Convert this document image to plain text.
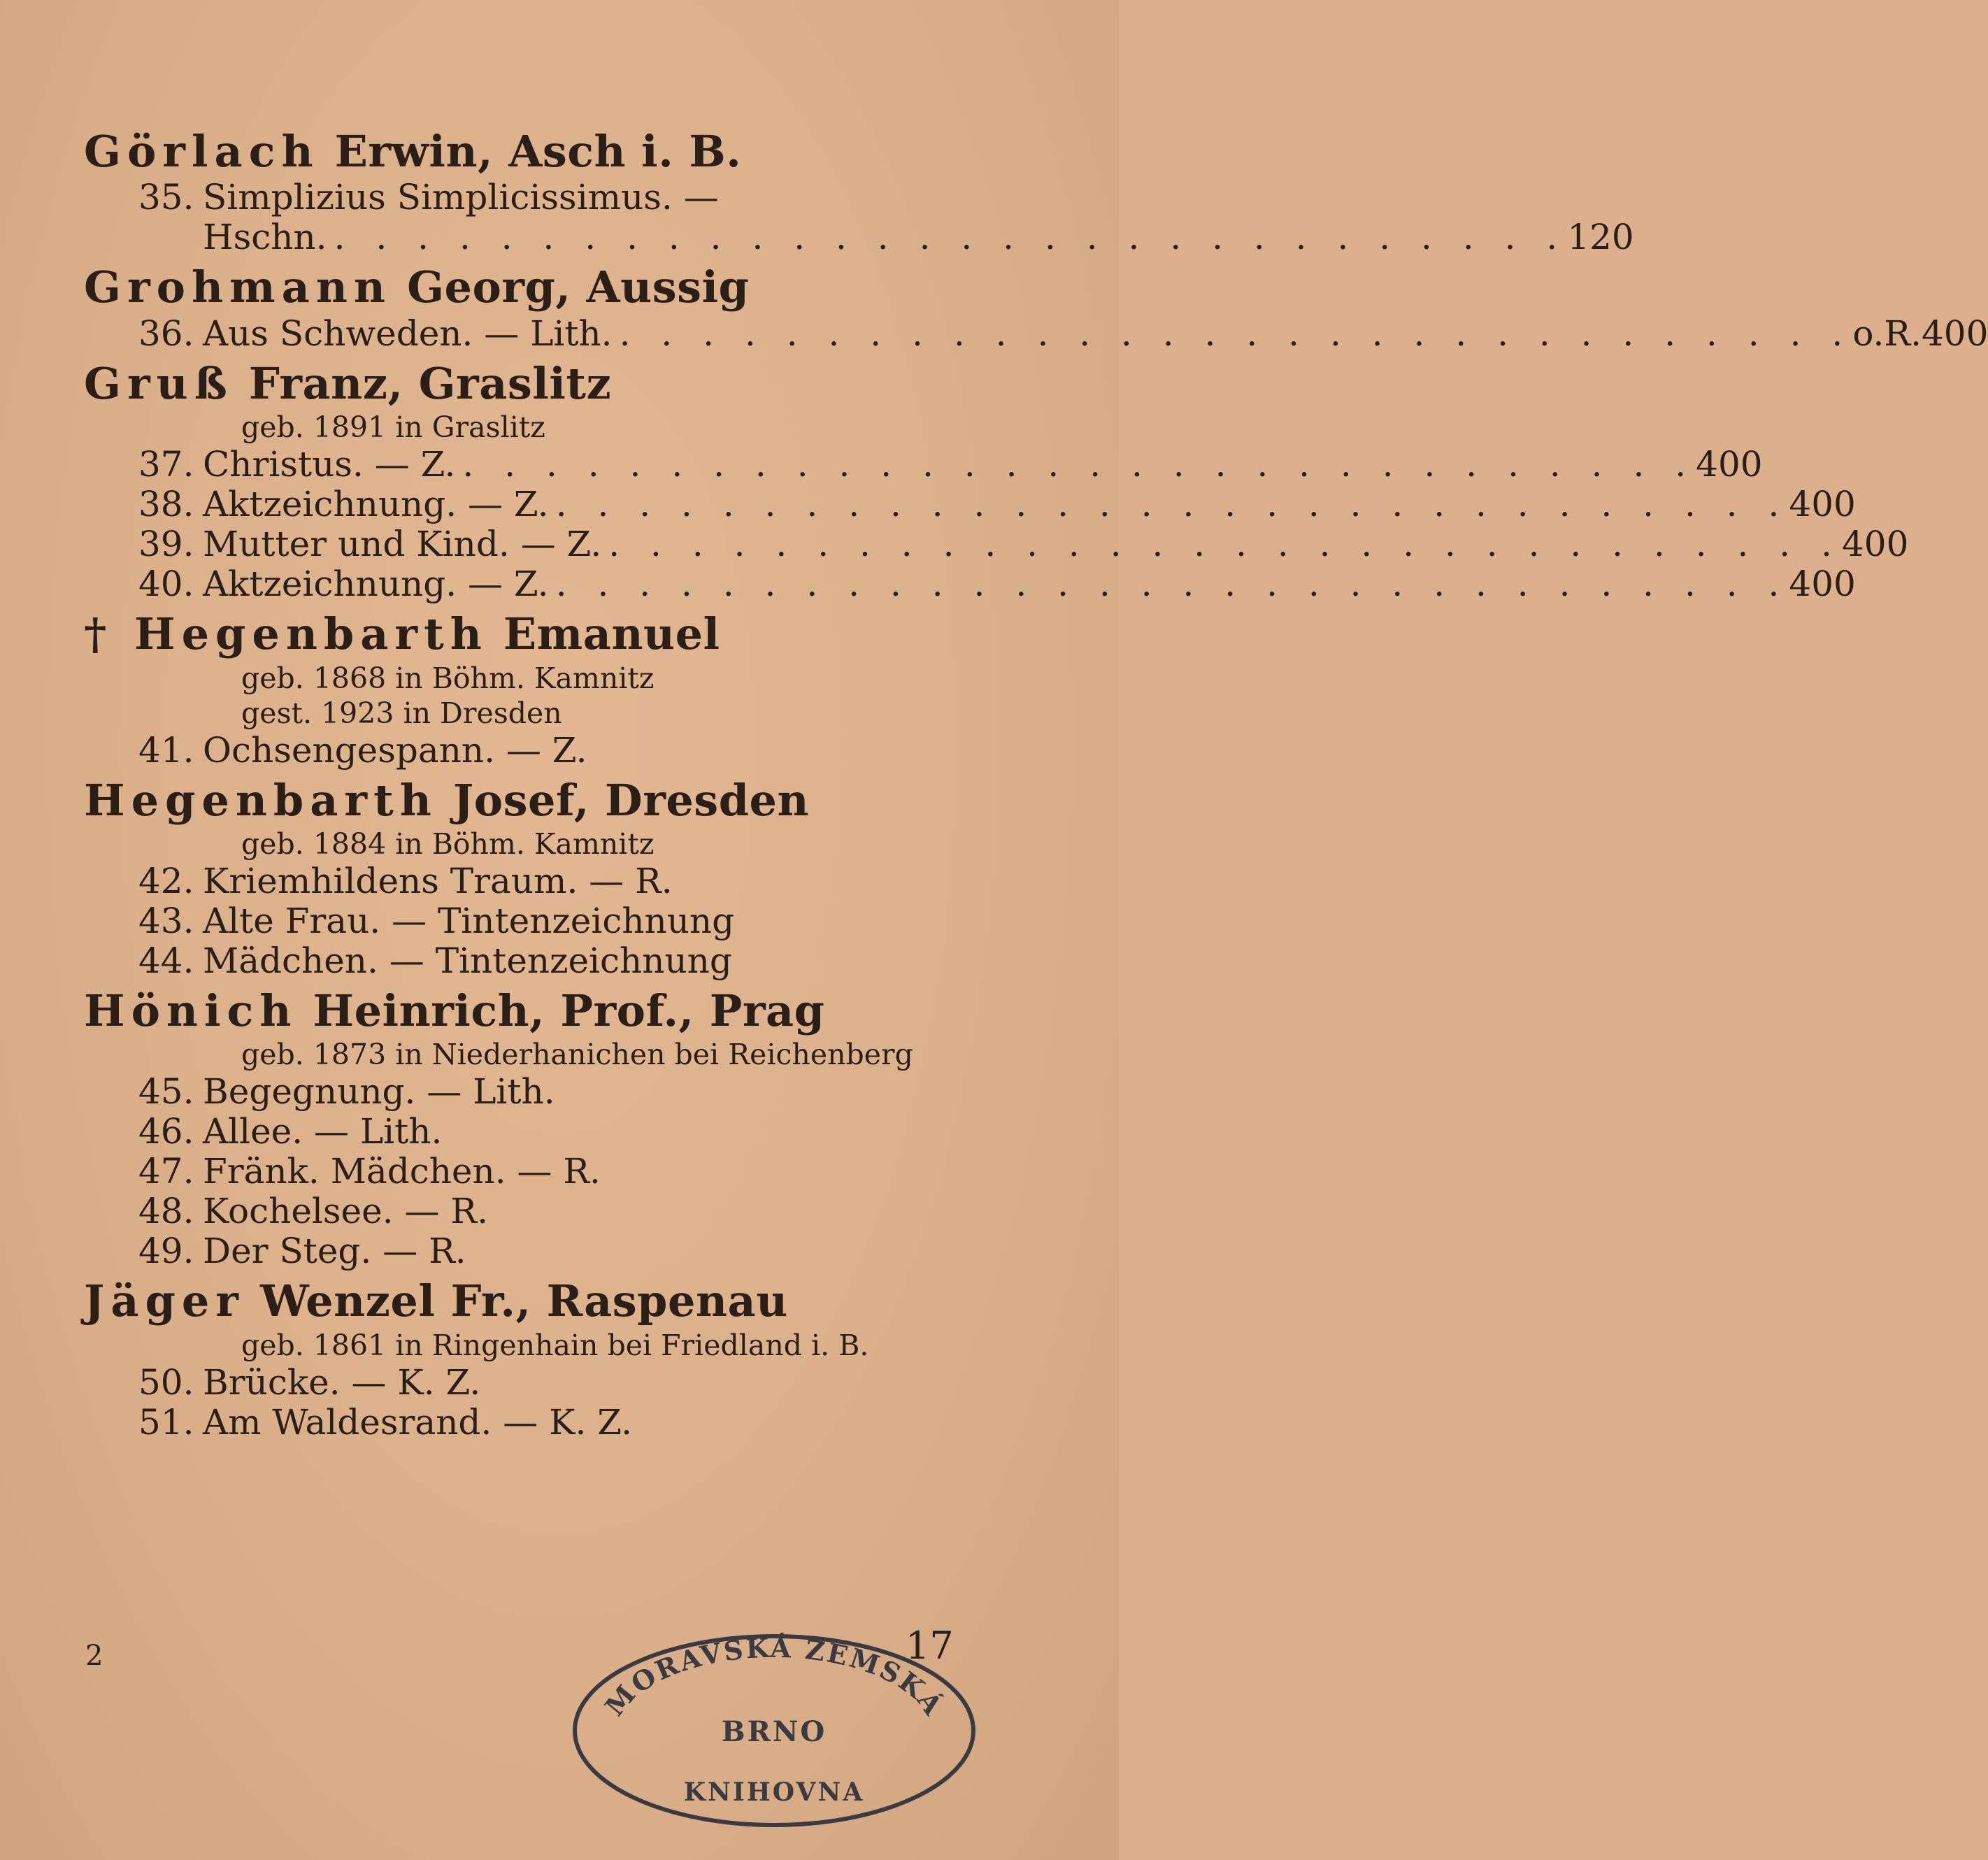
Görlach Erwin, Asch i. B.
35. Simplizius Simplicissimus. —
Hschn. . . . . . . . . . . . . . . . . . . . . . . . . . . . . . . 120
Grohmann Georg, Aussig
36. Aus Schweden. — Lith. . . . . . . . . . . . . . . . . . . . . . . . . . . . . . . o.R.400
Gruß Franz, Graslitz
geb. 1891 in Graslitz
37. Christus. — Z. . . . . . . . . . . . . . . . . . . . . . . . . . . . . . . 400
38. Aktzeichnung. — Z. . . . . . . . . . . . . . . . . . . . . . . . . . . . . . . 400
39. Mutter und Kind. — Z. . . . . . . . . . . . . . . . . . . . . . . . . . . . . . . 400
40. Aktzeichnung. — Z. . . . . . . . . . . . . . . . . . . . . . . . . . . . . . . 400
† Hegenbarth Emanuel
geb. 1868 in Böhm. Kamnitz
gest. 1923 in Dresden
41. Ochsengespann. — Z.
Hegenbarth Josef, Dresden
geb. 1884 in Böhm. Kamnitz
42. Kriemhildens Traum. — R.
43. Alte Frau. — Tintenzeichnung
44. Mädchen. — Tintenzeichnung
Hönich Heinrich, Prof., Prag
geb. 1873 in Niederhanichen bei Reichenberg
45. Begegnung. — Lith.
46. Allee. — Lith.
47. Fränk. Mädchen. — R.
48. Kochelsee. — R.
49. Der Steg. — R.
Jäger Wenzel Fr., Raspenau
geb. 1861 in Ringenhain bei Friedland i. B.
50. Brücke. — K. Z.
51. Am Waldesrand. — K. Z.
2	17
MORAVSKÁ ZEMSKÁ
BRNO
KNIHOVNA
